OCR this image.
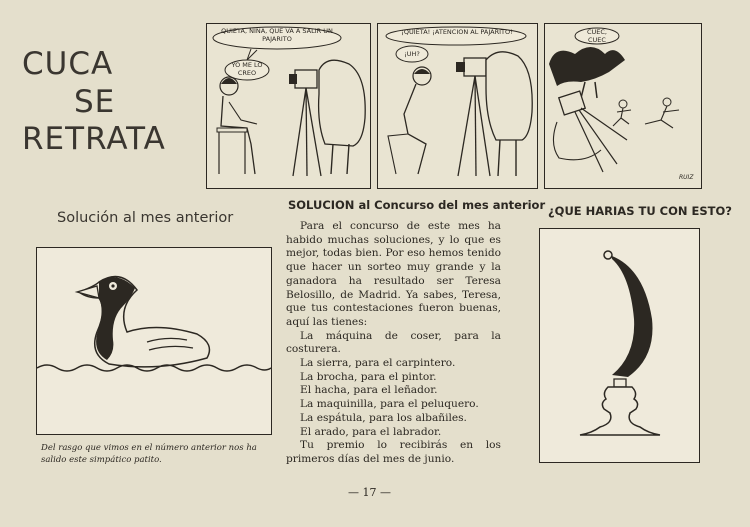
CUCA
SE
RETRATA
QUIETA, NINA, QUE VA A SALIR UN PAJARITO
YO ME LO CREO
¡QUIETA! ¡ATENCION AL PAJARITO!
¡UH?
CUEC, CUEC
RUIZ
Solución al mes anterior
Del rasgo que vimos en el número anterior nos ha salido este simpático patito.
SOLUCION al Concurso del mes anterior

Para el concurso de este mes ha habido muchas soluciones, y lo que es mejor, todas bien. Por eso hemos tenido que hacer un sorteo muy grande y la ganadora ha resultado ser Teresa Belosillo, de Madrid. Ya sabes, Teresa, que tus contestaciones fueron buenas, aquí las tienes:

La máquina de coser, para la costurera.
La sierra, para el carpintero.
La brocha, para el pintor.
El hacha, para el leñador.
La maquinilla, para el peluquero.
La espátula, para los albañiles.
El arado, para el labrador.

Tu premio lo recibirás en los primeros días del mes de junio.

¿QUE HARIAS TU CON ESTO?
— 17 —
